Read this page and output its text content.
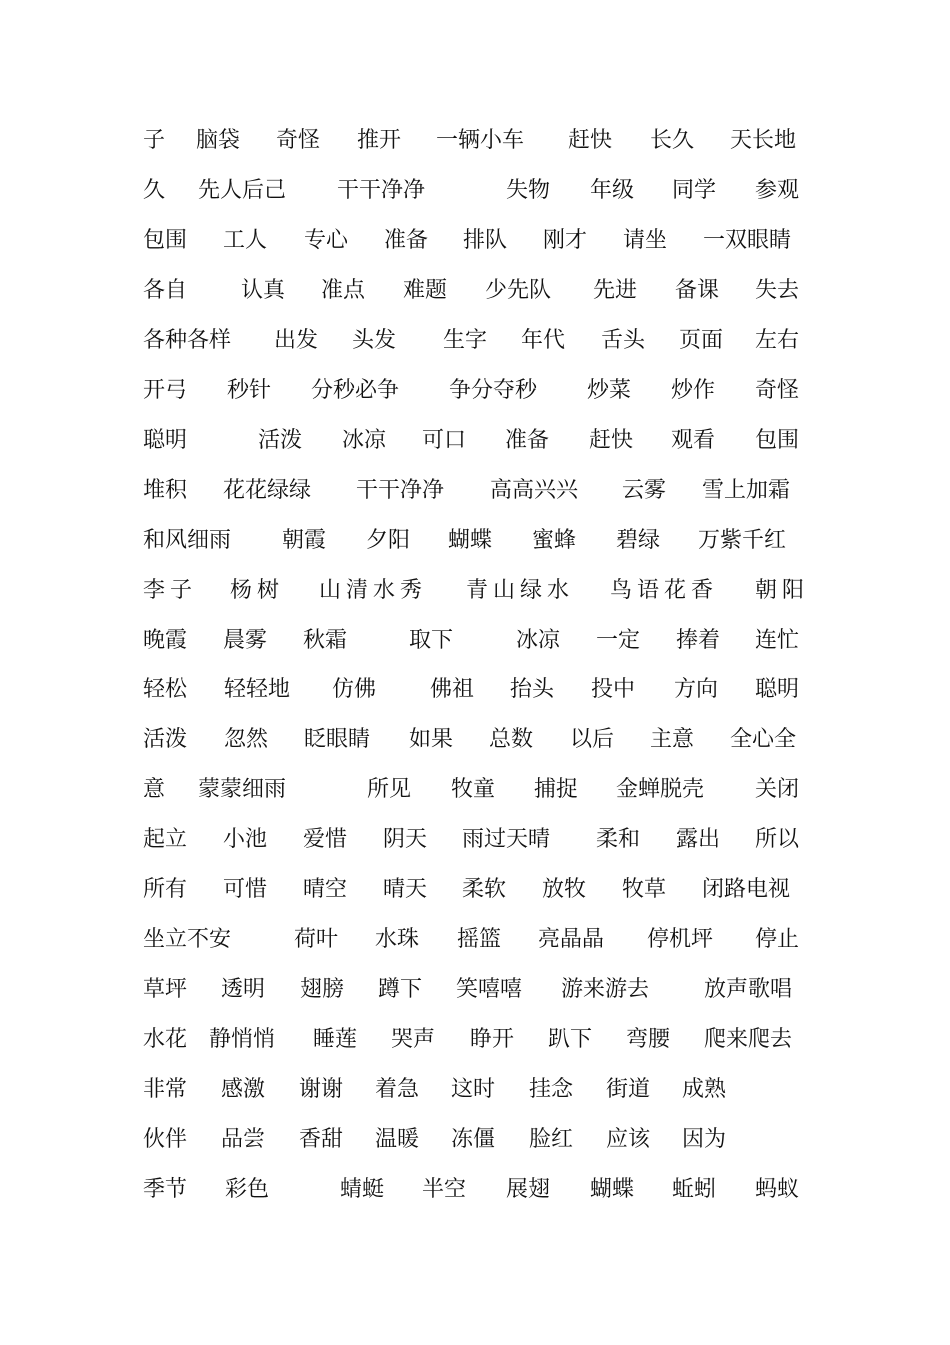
子 脑袋 奇怪 推开 一辆小车 赶快 长久 天长地
久 先人后己 干干净净	失物 年级 同学 参观
包围 工人 专心 准备 排队 刚才 请坐 一双眼睛
各自 认真 准点 难题 少先队 先进 备课 失去
各种各样 出发 头发 生字 年代 舌头 页面 左右
开弓 秒针 分秒必争 争分夺秒 炒菜 炒作 奇怪
聪明	活泼 冰凉 可口 准备 赶快 观看 包围
堆积 花花绿绿 干干净净 高高兴兴 云雾 雪上加霜
和风细雨 朝霞 夕阳 蝴蝶 蜜蜂 碧绿 万紫千红
李子 杨树 山清水秀 青山绿水 鸟语花香 朝阳
晚霞 晨雾 秋霜	取下	冰凉 一定 捧着 连忙
轻松 轻轻地 仿佛 佛祖 抬头 投中 方向 聪明
活泼 忽然 眨眼睛 如果 总数 以后 主意 全心全
意 蒙蒙细雨	所见 牧童 捕捉 金蝉脱壳 关闭
起立 小池 爱惜 阴天 雨过天晴 柔和 露出 所以
所有 可惜 晴空 晴天 柔软 放牧 牧草 闭路电视
坐立不安	荷叶 水珠 摇篮 亮晶晶 停机坪 停止
草坪 透明 翅膀 蹲下 笑嘻嘻 游来游去 放声歌唱
水花 静悄悄 睡莲 哭声 睁开 趴下 弯腰 爬来爬去
非常 感激 谢谢 着急 这时 挂念 街道 成熟
伙伴 品尝 香甜 温暖 冻僵 脸红 应该 因为
季节 彩色	蜻蜓 半空 展翅 蝴蝶 蚯蚓 蚂蚁
